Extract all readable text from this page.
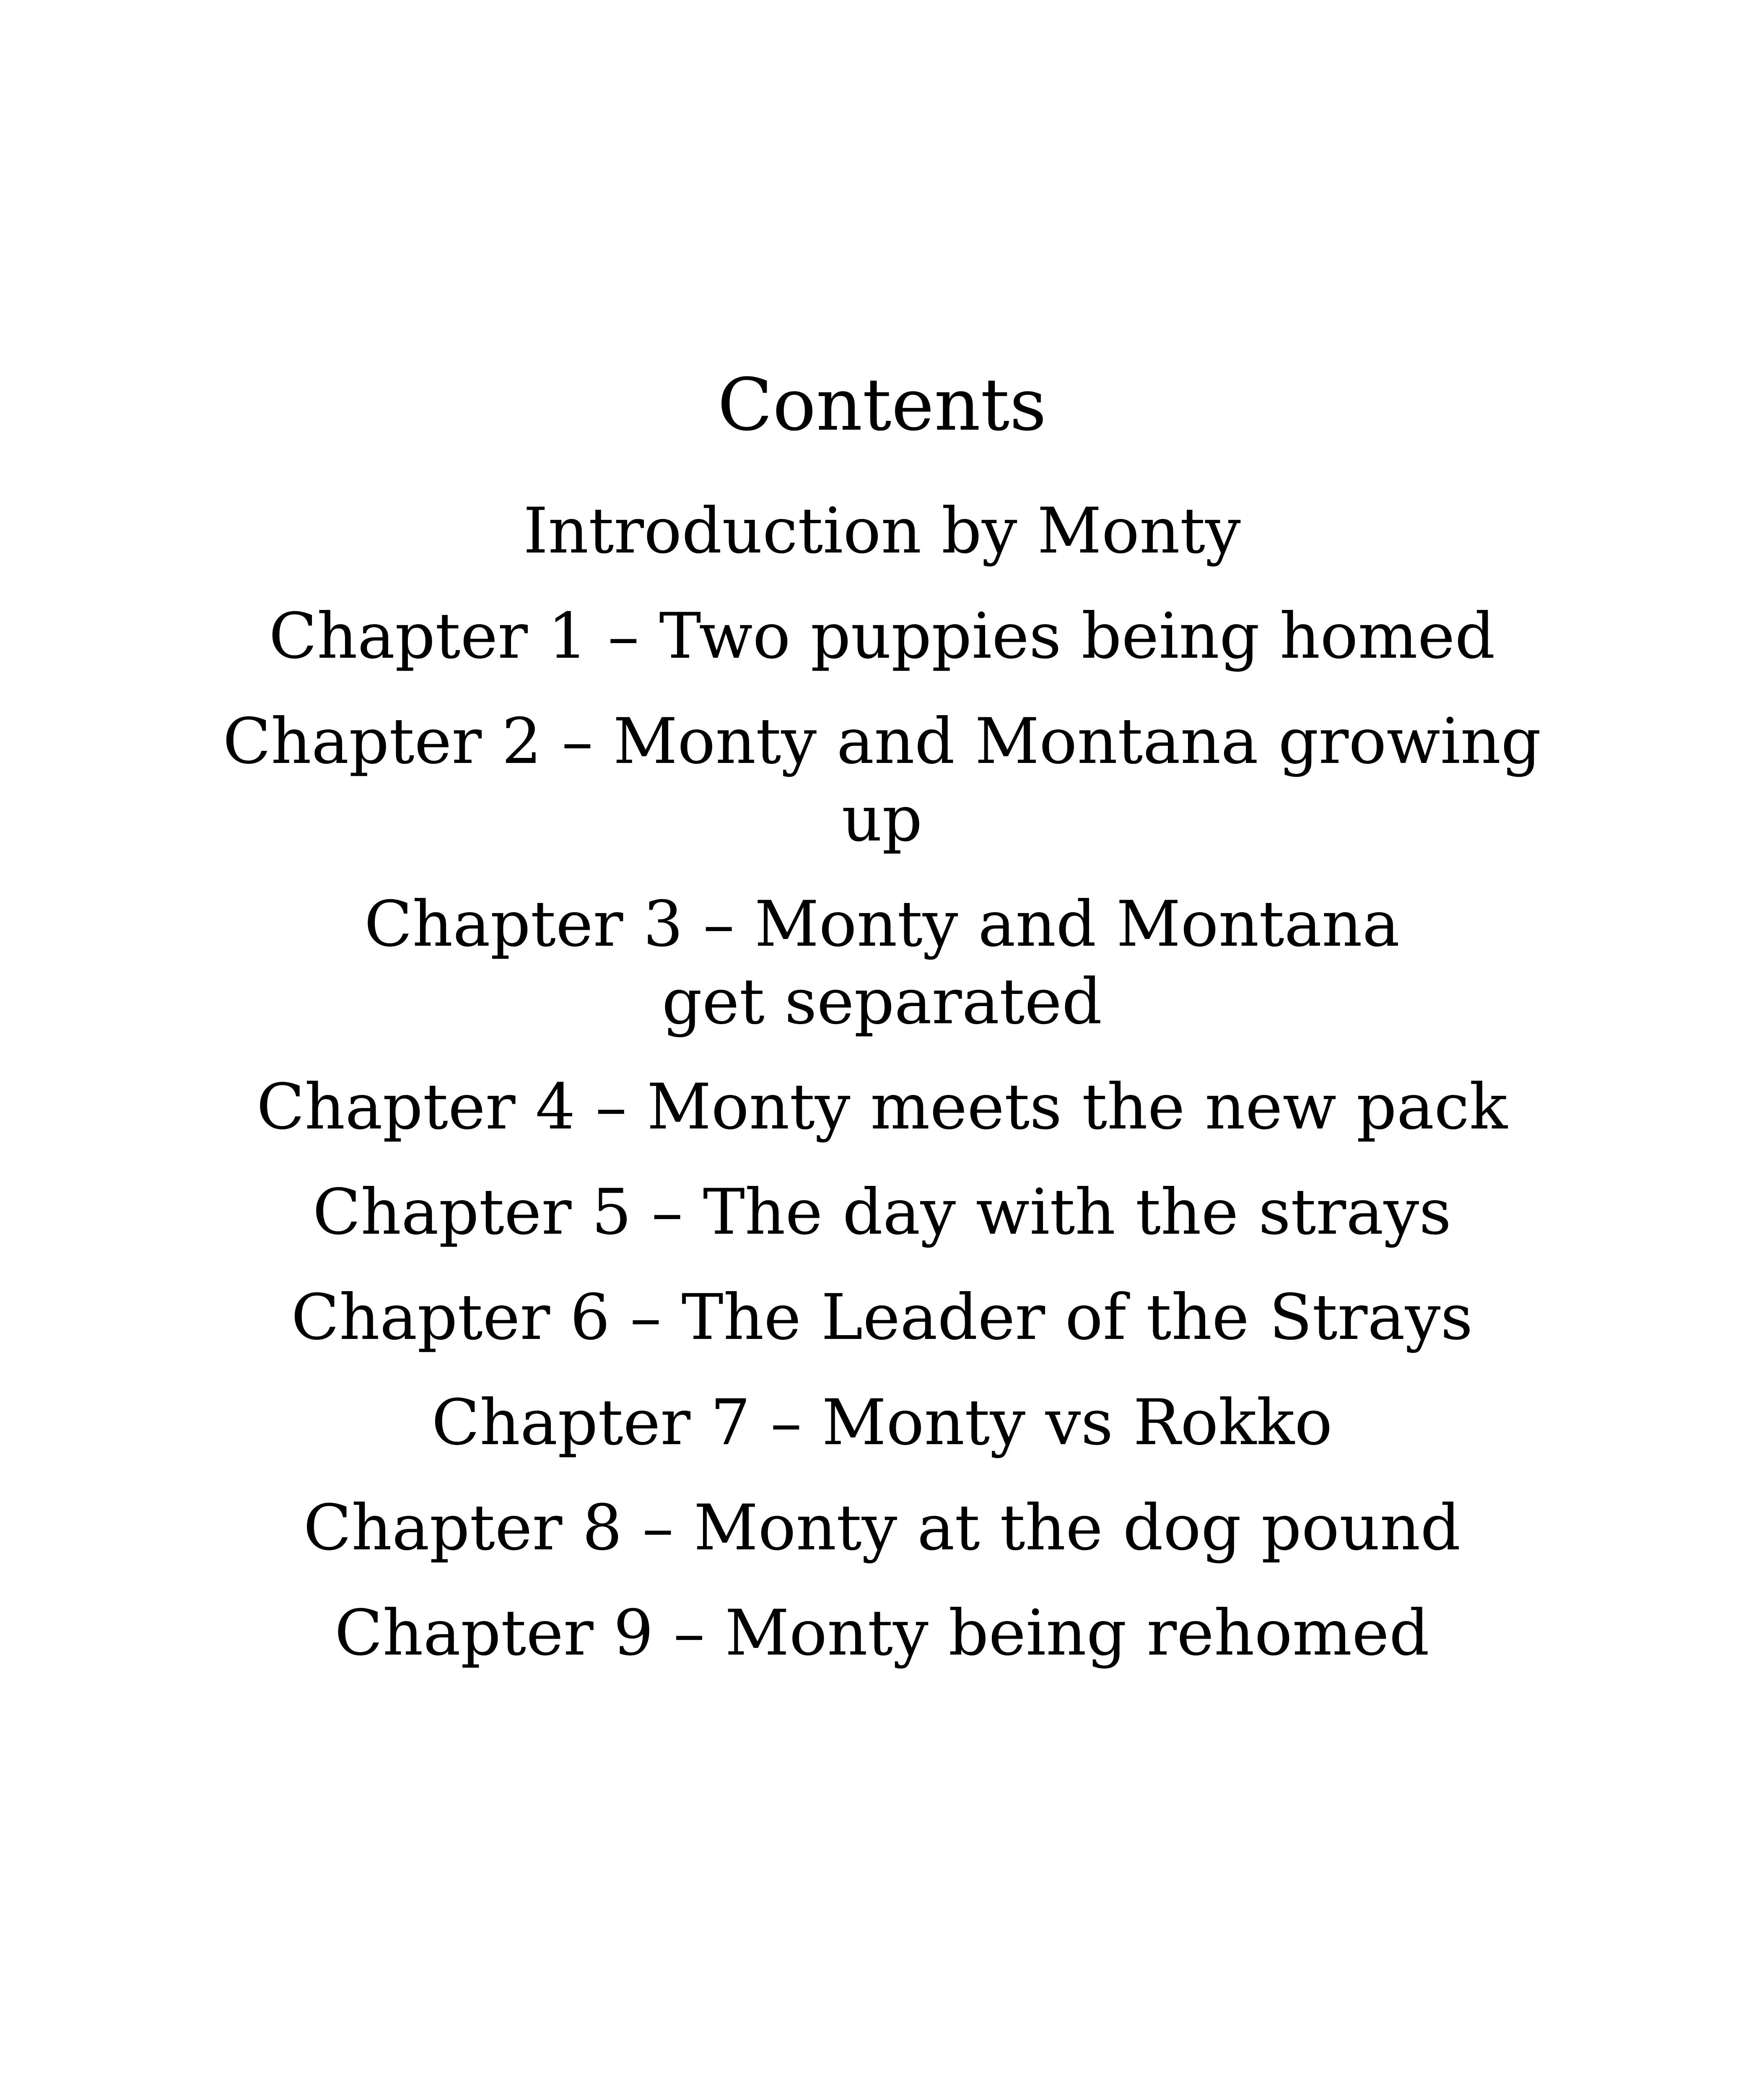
Contents
Introduction by Monty
Chapter 1 – Two puppies being homed
Chapter 2 – Monty and Montana growing up
Chapter 3 – Monty and Montana get separated
Chapter 4 – Monty meets the new pack
Chapter 5 – The day with the strays
Chapter 6 – The Leader of the Strays
Chapter 7 – Monty vs Rokko
Chapter 8 – Monty at the dog pound
Chapter 9 – Monty being rehomed
